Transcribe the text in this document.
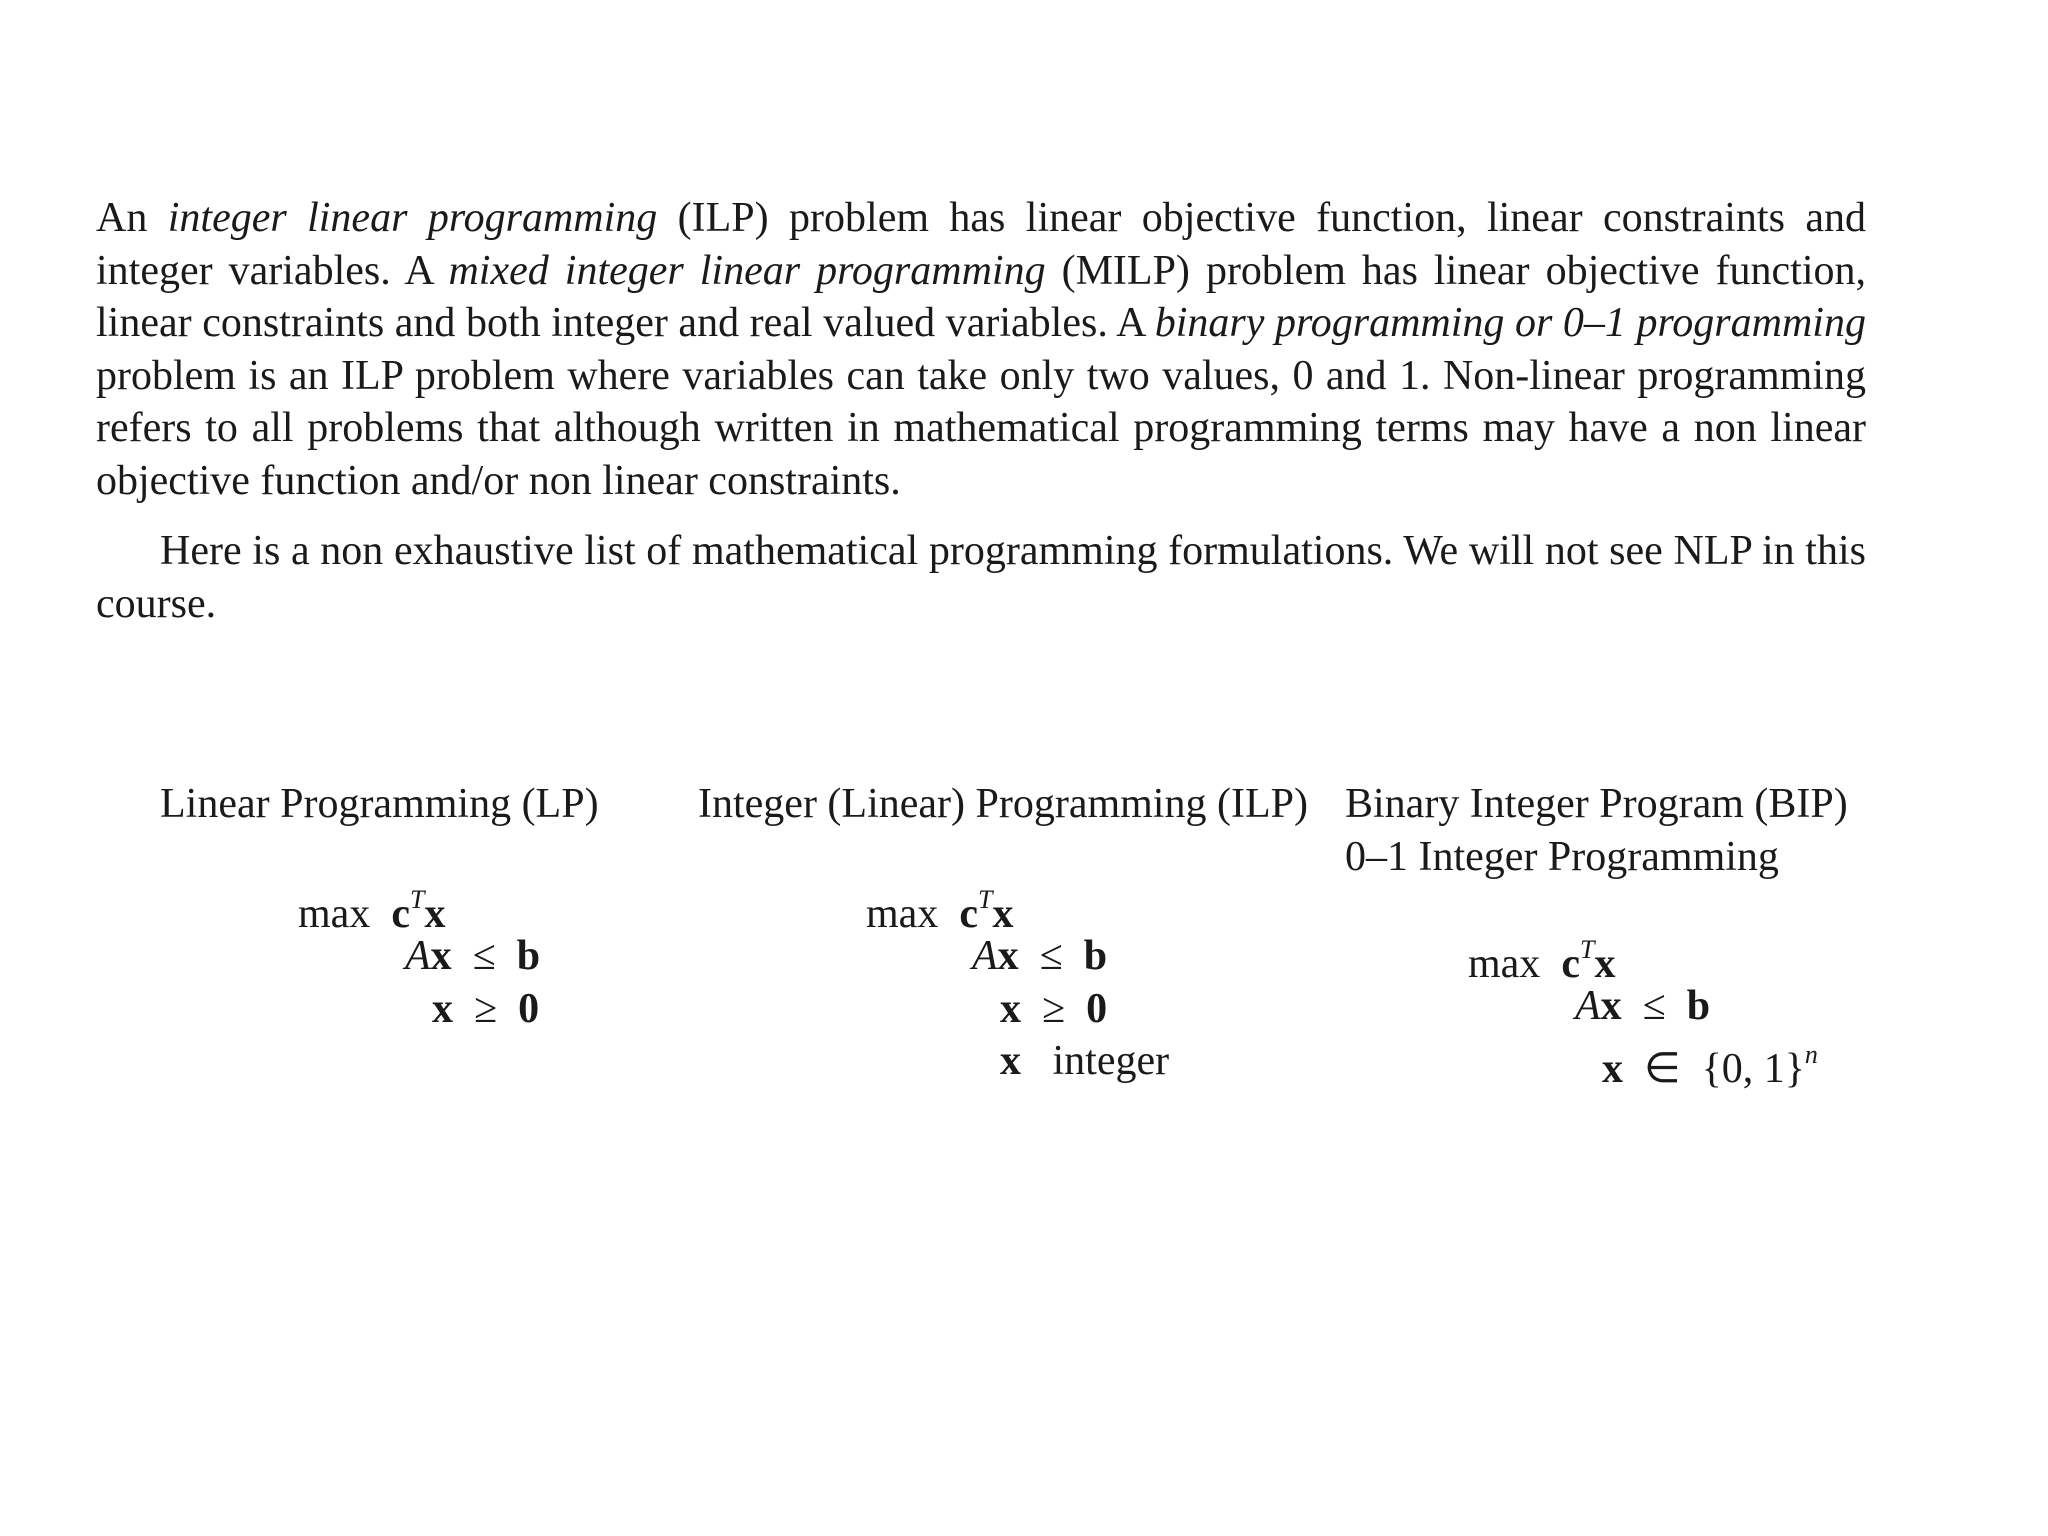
An integer linear programming (ILP) problem has linear objective function, linear constraints and integer variables. A mixed integer linear programming (MILP) problem has linear objective function, linear constraints and both integer and real valued variables. A binary programming or 0–1 programming problem is an ILP problem where variables can take only two values, 0 and 1. Non-linear programming refers to all problems that although written in mathematical programming terms may have a non linear objective function and/or non linear constraints.

Here is a non exhaustive list of mathematical programming formulations. We will not see NLP in this course.

Linear Programming (LP)
$\max c^Tx$
Ax ≤ b
x ≥ 0
Integer (Linear) Programming (ILP)
$\max c^Tx$
Ax ≤ b
x ≥ 0
x integer
Binary Integer Program (BIP)
0–1 Integer Programming
$\max c^Tx$
Ax ≤ b
x ∈ {0, 1}$^n$
